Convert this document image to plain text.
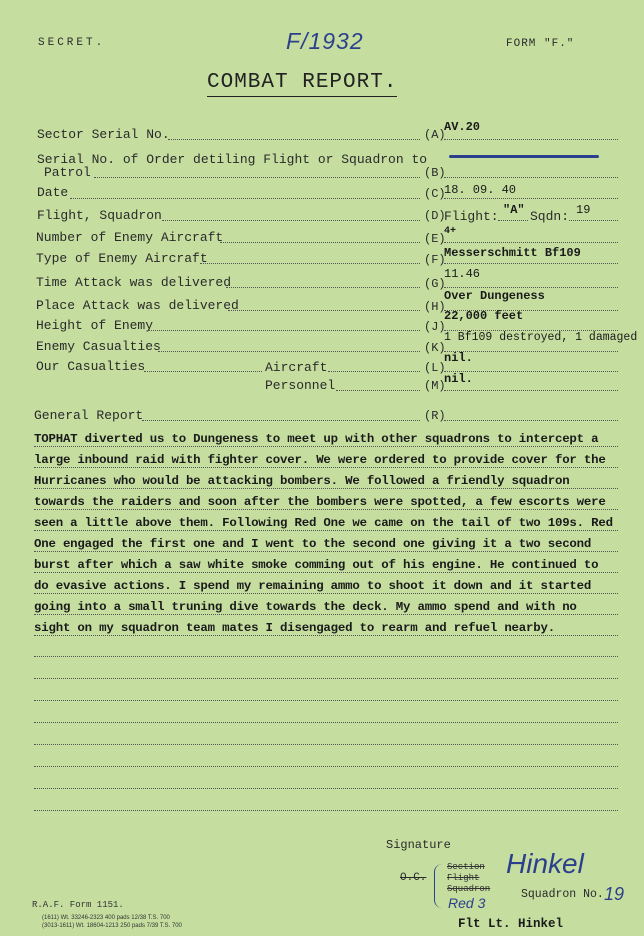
SECRET.	F/1932	FORM "F."
COMBAT REPORT.
Sector Serial No.	(A)
AV.20
Serial No. of Order detiling Flight or Squadron to
Patrol	(B)
Date	(C)
18. 09. 40
Flight, Squadron	(D)
Flight: "A" Sqdn: 19
Number of Enemy Aircraft	(E)
4+
Type of Enemy Aircraft	(F)
Messerschmitt Bf109
Time Attack was delivered	(G)
11.46
Place Attack was delivered	(H)
Over Dungeness
Height of Enemy	(J)
22,000 feet
Enemy Casualties	(K)
1 Bf109 destroyed, 1 damaged
Our Casualties	Aircraft	(L)
nil.
Personnel	(M)
nil.
General Report	(R)
TOPHAT diverted us to Dungeness to meet up with other squadrons to intercept a
large inbound raid with fighter cover. We were ordered to provide cover for the
Hurricanes who would be attacking bombers. We followed a friendly squadron
towards the raiders and soon after the bombers were spotted, a few escorts were
seen a little above them. Following Red One we came on the tail of two 109s. Red
One engaged the first one and I went to the second one giving it a two second
burst after which a saw white smoke comming out of his engine. He continued to
do evasive actions. I spend my remaining ammo to shoot it down and it started
going into a small truning dive towards the deck. My ammo spend and with no
sight on my squadron team mates I disengaged to rearm and refuel nearby.
Signature
O.C.
Section
Flight
Squadron
Red 3
Hinkel
Squadron No. 19
Flt Lt. Hinkel
R.A.F. Form 1151.
(1611) Wt. 33246-2323 400 pads 12/38 T.S. 700
(3013-1611) Wt. 18604-1213 250 pads 7/39 T.S. 700
